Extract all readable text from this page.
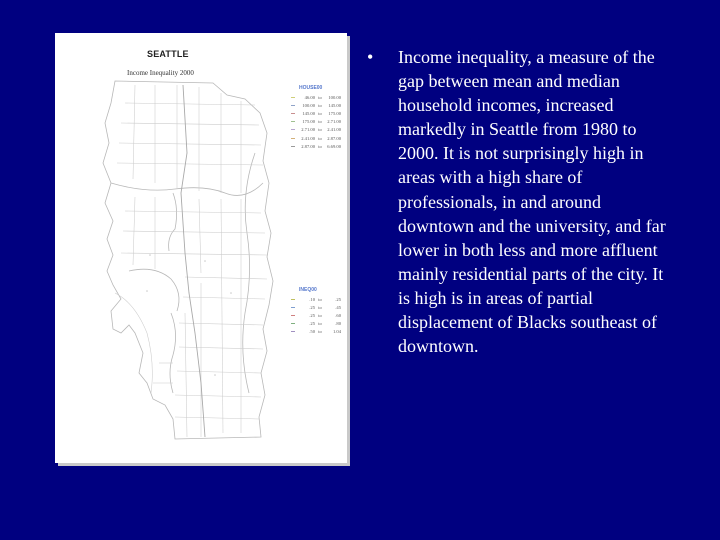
SEATTLE
Income Inequality 2000
HOUSE00
46.00 to	100.00
100.00 to	145.00
145.00 to	175.00
175.00 to	2.71.00
2.71.00 to	2.41.00
2.41.00 to	2.87.00
2.87.00 to	6.69.00
INEQ00
.10 to	.25
.25 to	.45
.25 to	.60
.25 to	.80
.50 to	1.04
• Income inequality, a measure of the gap between mean and median household incomes, increased markedly in Seattle from 1980 to 2000. It is not surprisingly high in areas with a high share of professionals, in and around downtown and the university, and far lower in both less and more affluent mainly residential parts of the city. It is high is in areas of partial displacement of Blacks southeast of downtown.
